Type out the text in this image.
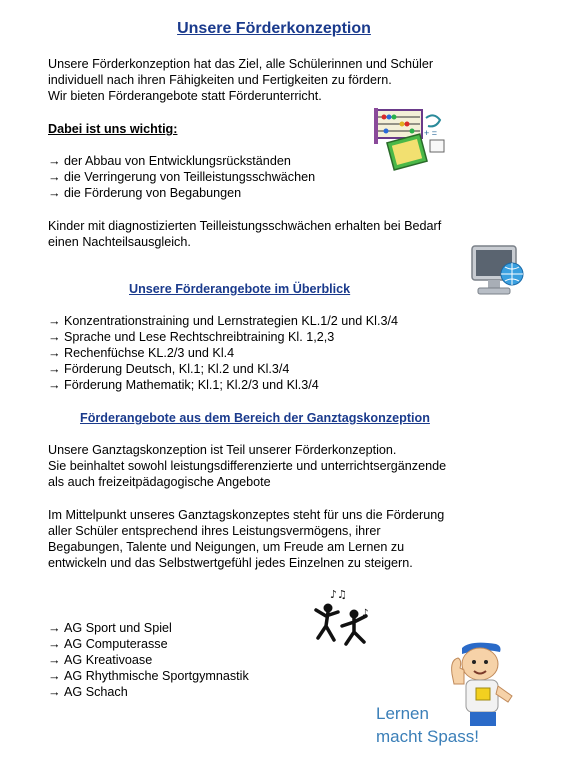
Unsere Förderkonzeption
Unsere Förderkonzeption hat das Ziel, alle Schülerinnen und Schüler
individuell nach ihren Fähigkeiten und Fertigkeiten zu fördern.
Wir bieten Förderangebote statt Förderunterricht.
Dabei ist uns wichtig:
→ der Abbau von Entwicklungsrückständen
→ die Verringerung von Teilleistungsschwächen
→ die Förderung von Begabungen
+ =
Kinder mit diagnostizierten Teilleistungsschwächen erhalten bei Bedarf
einen Nachteilsausgleich.
Unsere Förderangebote im Überblick
→ Konzentrationstraining und Lernstrategien KL.1/2 und Kl.3/4
→ Sprache und Lese Rechtschreibtraining Kl. 1,2,3
→ Rechenfüchse KL.2/3 und Kl.4
→ Förderung Deutsch, Kl.1; Kl.2 und Kl.3/4
→ Förderung Mathematik; Kl.1; Kl.2/3 und Kl.3/4
Förderangebote aus dem Bereich der Ganztagskonzeption
Unsere Ganztagskonzeption ist Teil unserer Förderkonzeption.
Sie beinhaltet sowohl leistungsdifferenzierte und unterrichtsergänzende
als auch freizeitpädagogische Angebote
Im Mittelpunkt unseres Ganztagskonzeptes steht für uns die Förderung
aller Schüler entsprechend ihres Leistungsvermögens, ihrer
Begabungen, Talente und Neigungen, um Freude am Lernen zu
entwickeln und das Selbstwertgefühl jedes Einzelnen zu steigern.
♪♫
♪
→ AG Sport und Spiel
→ AG Computerasse
→ AG Kreativoase
→ AG Rhythmische Sportgymnastik
→ AG Schach
Lernen
macht Spass!
